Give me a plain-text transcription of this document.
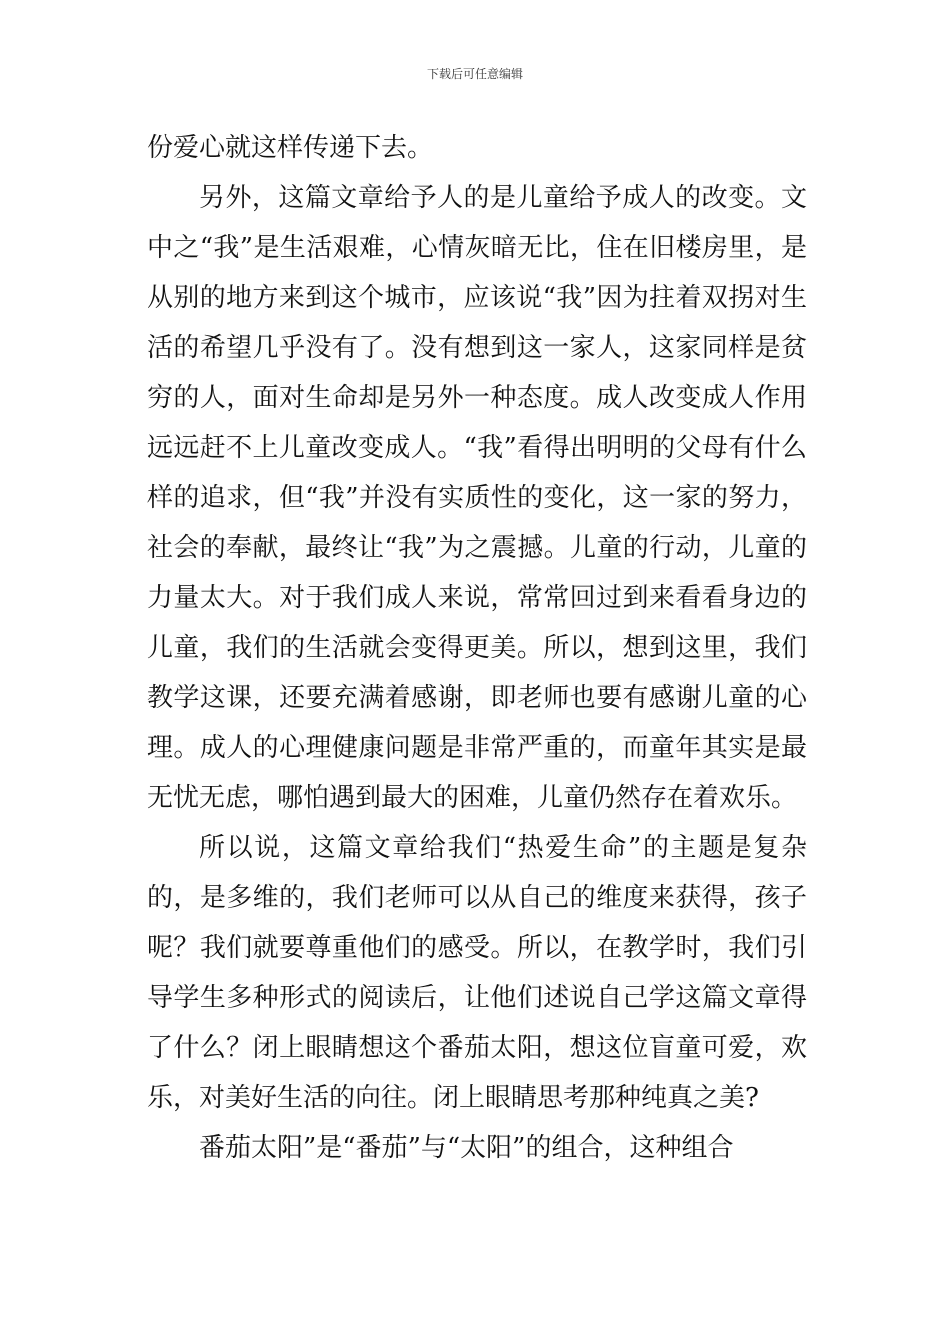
下载后可任意编辑

份爱心就这样传递下去。

另外，这篇文章给予人的是儿童给予成人的改变。文中之“我”是生活艰难，心情灰暗无比，住在旧楼房里，是从别的地方来到这个城市，应该说“我”因为拄着双拐对生活的希望几乎没有了。没有想到这一家人，这家同样是贫穷的人，面对生命却是另外一种态度。成人改变成人作用远远赶不上儿童改变成人。“我”看得出明明的父母有什么样的追求，但“我”并没有实质性的变化，这一家的努力，社会的奉献，最终让“我”为之震撼。儿童的行动，儿童的力量太大。对于我们成人来说，常常回过到来看看身边的儿童，我们的生活就会变得更美。所以，想到这里，我们教学这课，还要充满着感谢，即老师也要有感谢儿童的心理。成人的心理健康问题是非常严重的，而童年其实是最无忧无虑，哪怕遇到最大的困难，儿童仍然存在着欢乐。

所以说，这篇文章给我们“热爱生命”的主题是复杂的，是多维的，我们老师可以从自己的维度来获得，孩子呢？我们就要尊重他们的感受。所以，在教学时，我们引导学生多种形式的阅读后，让他们述说自己学这篇文章得了什么？闭上眼睛想这个番茄太阳，想这位盲童可爱，欢乐，对美好生活的向往。闭上眼睛思考那种纯真之美?

番茄太阳”是“番茄”与“太阳”的组合，这种组合
